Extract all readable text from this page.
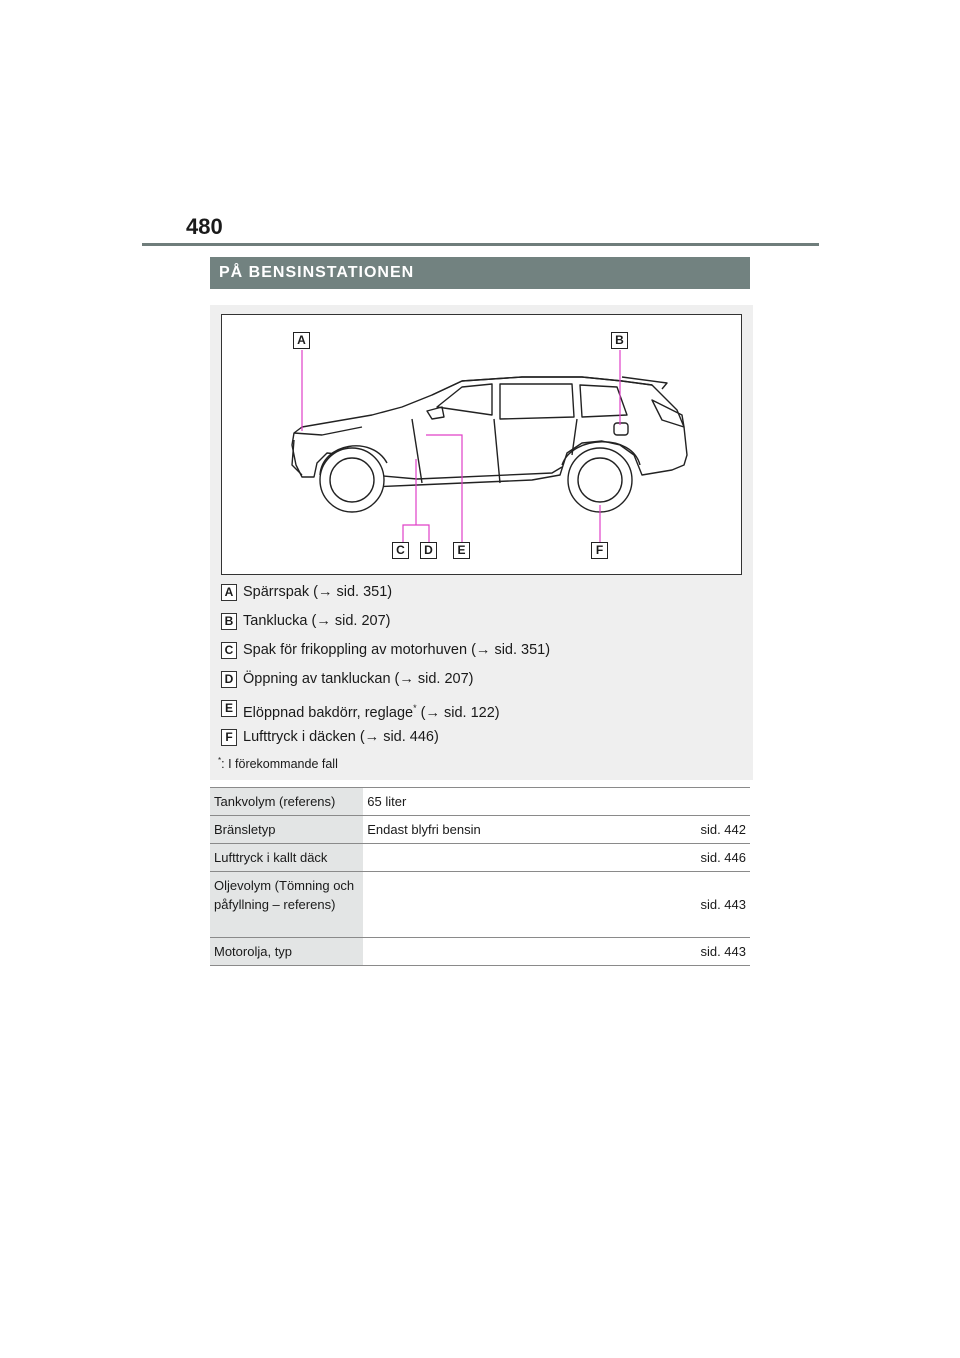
480
PÅ BENSINSTATIONEN
A	B
C	D	E	F
A Spärrspak (→ sid. 351)
B Tanklucka (→ sid. 207)
C Spak för frikoppling av motorhuven (→ sid. 351)
D Öppning av tankluckan (→ sid. 207)
E Elöppnad bakdörr, reglage* (→ sid. 122)
F Lufttryck i däcken (→ sid. 446)
*: I förekommande fall
Tankvolym (referens)	65 liter	
Bränsletyp	Endast blyfri bensin	sid. 442
Lufttryck i kallt däck		sid. 446
Oljevolym (Tömning och påfyllning – referens)		sid. 443
Motorolja, typ		sid. 443
